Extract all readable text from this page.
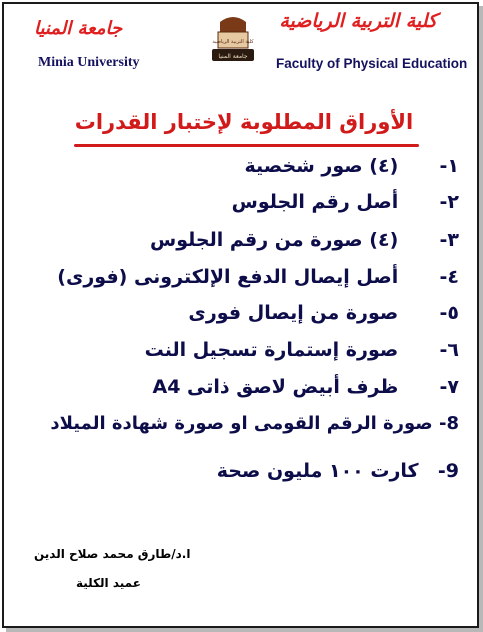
كلية التربية الرياضية
Faculty of Physical Education
كلية التربية الرياضية
جامعة المنيا
جامعة المنيا
Minia University
الأوراق المطلوبة لإختبار القدرات
١-  (٤) صور شخصية
٢-  أصل رقم الجلوس
٣-  (٤) صورة من رقم الجلوس
٤-  أصل إيصال الدفع الإلكترونى (فورى)
٥-  صورة من إيصال فورى
٦-  صورة إستمارة تسجيل النت
٧-  ظرف أبيض لاصق ذاتى A4
8- صورة الرقم القومى او صورة شهادة الميلاد
9-  كارت ١٠٠ مليون صحة
ا.د/طارق محمد صلاح الدين
عميد الكلية
